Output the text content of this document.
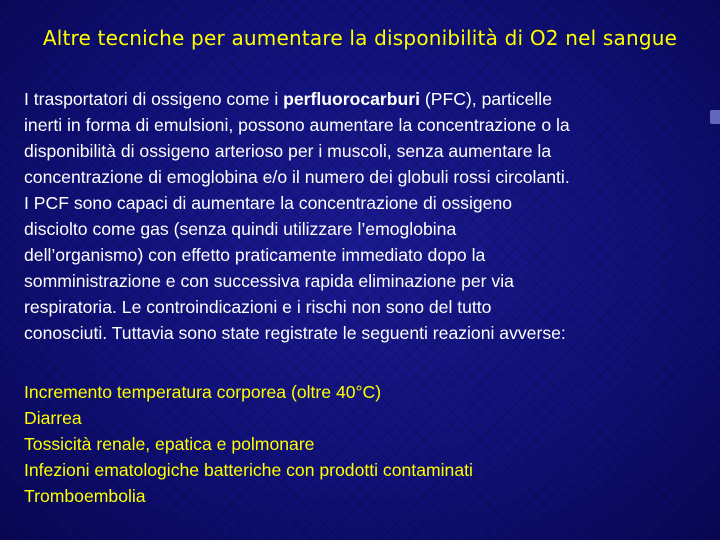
Altre tecniche per aumentare la disponibilità di O2 nel sangue

I trasportatori di ossigeno come i perfluorocarburi (PFC), particelle
inerti in forma di emulsioni, possono aumentare la concentrazione o la
disponibilità di ossigeno arterioso per i muscoli, senza aumentare la
concentrazione di emoglobina e/o il numero dei globuli rossi circolanti.
I PCF sono capaci di aumentare la concentrazione di ossigeno
disciolto come gas (senza quindi utilizzare l’emoglobina
dell’organismo) con effetto praticamente immediato dopo la
somministrazione e con successiva rapida eliminazione per via
respiratoria. Le controindicazioni e i rischi non sono del tutto
conosciuti. Tuttavia sono state registrate le seguenti reazioni avverse:

Incremento temperatura corporea (oltre 40°C)
Diarrea
Tossicità renale, epatica e polmonare
Infezioni ematologiche batteriche con prodotti contaminati
Tromboembolia
